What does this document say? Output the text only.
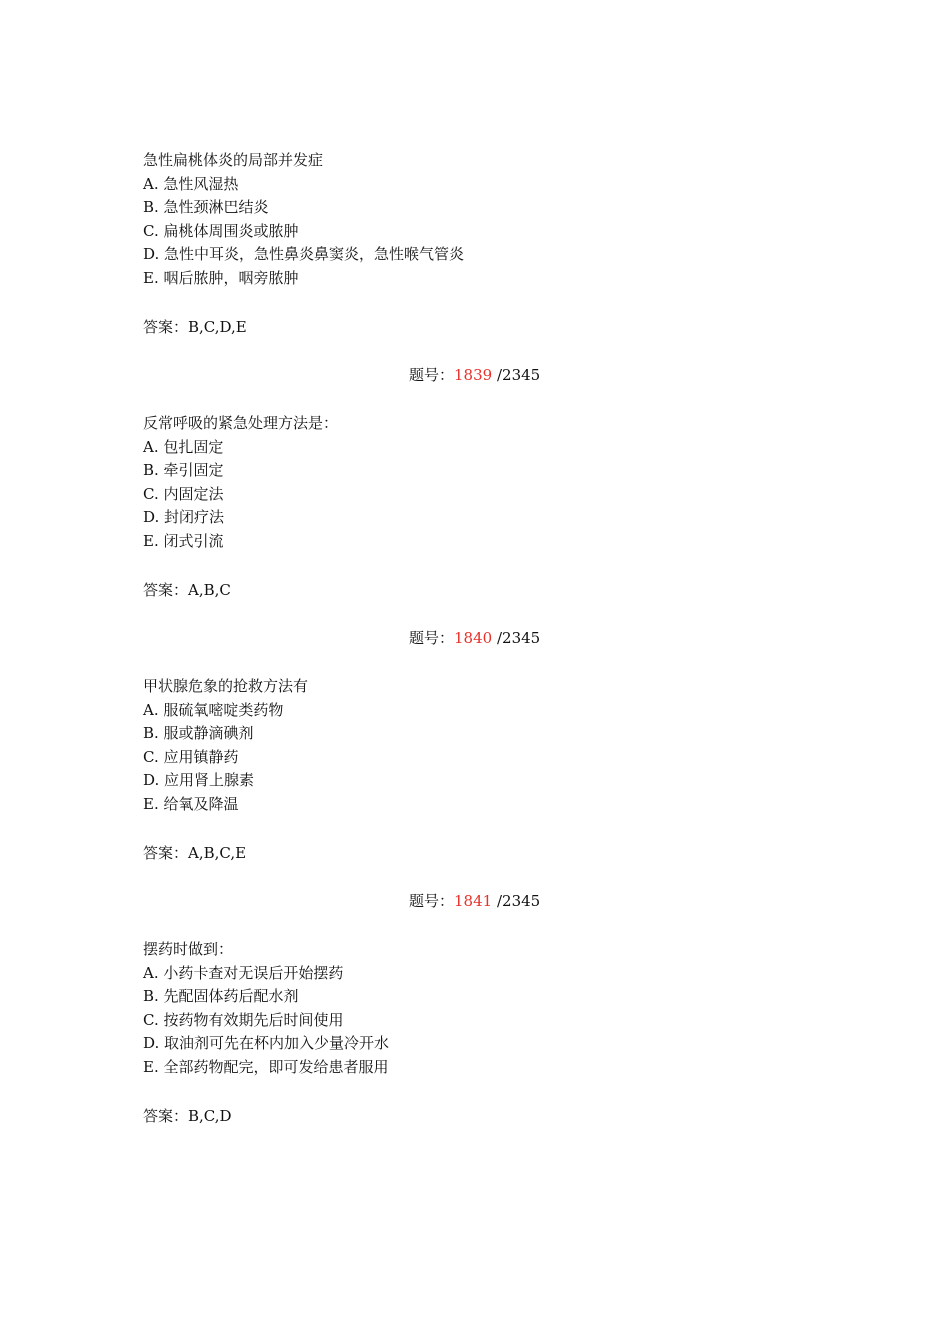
急性扁桃体炎的局部并发症
A. 急性风湿热
B. 急性颈淋巴结炎
C. 扁桃体周围炎或脓肿
D. 急性中耳炎，急性鼻炎鼻窦炎，急性喉气管炎
E. 咽后脓肿，咽旁脓肿
答案：B,C,D,E
题号：1839 /2345
反常呼吸的紧急处理方法是：
A. 包扎固定
B. 牵引固定
C. 内固定法
D. 封闭疗法
E. 闭式引流
答案：A,B,C
题号：1840 /2345
甲状腺危象的抢救方法有
A. 服硫氧嘧啶类药物
B. 服或静滴碘剂
C. 应用镇静药
D. 应用肾上腺素
E. 给氧及降温
答案：A,B,C,E
题号：1841 /2345
摆药时做到：
A. 小药卡查对无误后开始摆药
B. 先配固体药后配水剂
C. 按药物有效期先后时间使用
D. 取油剂可先在杯内加入少量冷开水
E. 全部药物配完，即可发给患者服用
答案：B,C,D
